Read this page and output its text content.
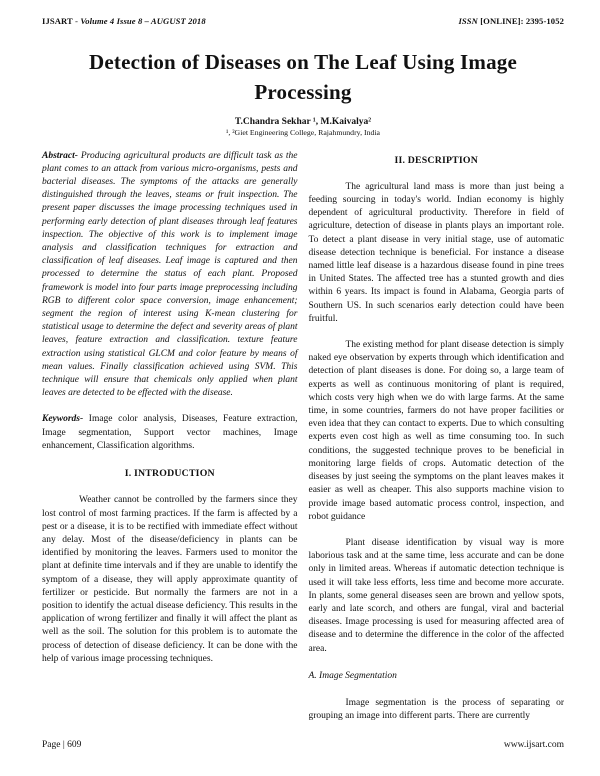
IJSART - Volume 4 Issue 8 – AUGUST 2018	ISSN [ONLINE]: 2395-1052
Detection of Diseases on The Leaf Using Image Processing
T.Chandra Sekhar ¹, M.Kaivalya²
¹, ²Giet Engineering College, Rajahmundry, India

Abstract- Producing agricultural products are difficult task as the plant comes to an attack from various micro-organisms, pests and bacterial diseases. The symptoms of the attacks are generally distinguished through the leaves, steams or fruit inspection. The present paper discusses the image processing techniques used in performing early detection of plant diseases through leaf features inspection. The objective of this work is to implement image analysis and classification techniques for extraction and classification of leaf diseases. Leaf image is captured and then processed to determine the status of each plant. Proposed framework is model into four parts image preprocessing including RGB to different color space conversion, image enhancement; segment the region of interest using K-mean clustering for statistical usage to determine the defect and severity areas of plant leaves, feature extraction and classification. texture feature extraction using statistical GLCM and color feature by means of mean values. Finally classification achieved using SVM. This technique will ensure that chemicals only applied when plant leaves are detected to be effected with the disease.

Keywords- Image color analysis, Diseases, Feature extraction, Image segmentation, Support vector machines, Image enhancement, Classification algorithms.

I. INTRODUCTION

Weather cannot be controlled by the farmers since they lost control of most farming practices. If the farm is affected by a pest or a disease, it is to be rectified with immediate effect without any delay. Most of the disease/deficiency in plants can be identified by monitoring the leaves. Farmers used to monitor the plant at definite time intervals and if they are unable to identify the symptom of a disease, they will apply approximate quantity of fertilizer or pesticide. But normally the farmers are not in a position to identify the actual disease deficiency. This results in the application of wrong fertilizer and finally it will affect the plant as well as the soil. The solution for this problem is to automate the process of detection of disease deficiency. It can be done with the help of various image processing techniques.

II. DESCRIPTION

The agricultural land mass is more than just being a feeding sourcing in today's world. Indian economy is highly dependent of agricultural productivity. Therefore in field of agriculture, detection of disease in plants plays an important role. To detect a plant disease in very initial stage, use of automatic disease detection technique is beneficial. For instance a disease named little leaf disease is a hazardous disease found in pine trees in United States. The affected tree has a stunted growth and dies within 6 years. Its impact is found in Alabama, Georgia parts of Southern US. In such scenarios early detection could have been fruitful.

The existing method for plant disease detection is simply naked eye observation by experts through which identification and detection of plant diseases is done. For doing so, a large team of experts as well as continuous monitoring of plant is required, which costs very high when we do with large farms. At the same time, in some countries, farmers do not have proper facilities or even idea that they can contact to experts. Due to which consulting experts even cost high as well as time consuming too. In such conditions, the suggested technique proves to be beneficial in monitoring large fields of crops. Automatic detection of the diseases by just seeing the symptoms on the plant leaves makes it easier as well as cheaper. This also supports machine vision to provide image based automatic process control, inspection, and robot guidance

Plant disease identification by visual way is more laborious task and at the same time, less accurate and can be done only in limited areas. Whereas if automatic detection technique is used it will take less efforts, less time and become more accurate. In plants, some general diseases seen are brown and yellow spots, early and late scorch, and others are fungal, viral and bacterial diseases. Image processing is used for measuring affected area of disease and to determine the difference in the color of the affected area.

A. Image Segmentation

Image segmentation is the process of separating or grouping an image into different parts. There are currently

Page | 609	www.ijsart.com
